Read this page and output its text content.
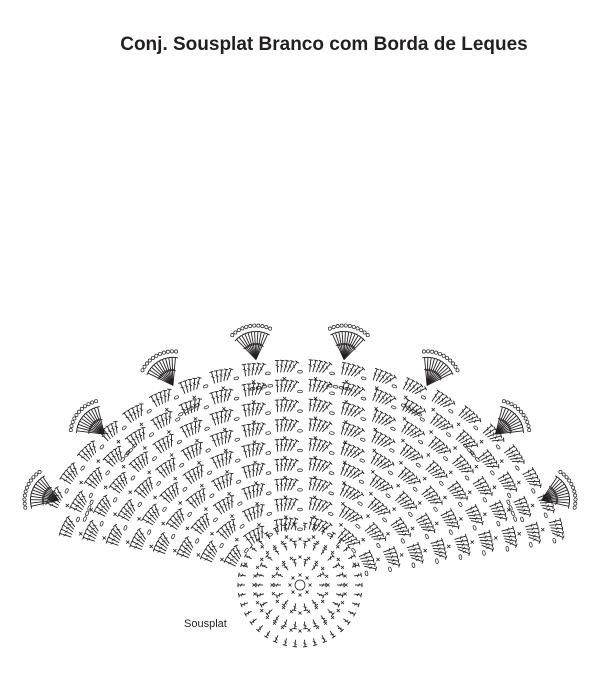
Conj. Sousplat Branco com Borda de Leques
Sousplat
